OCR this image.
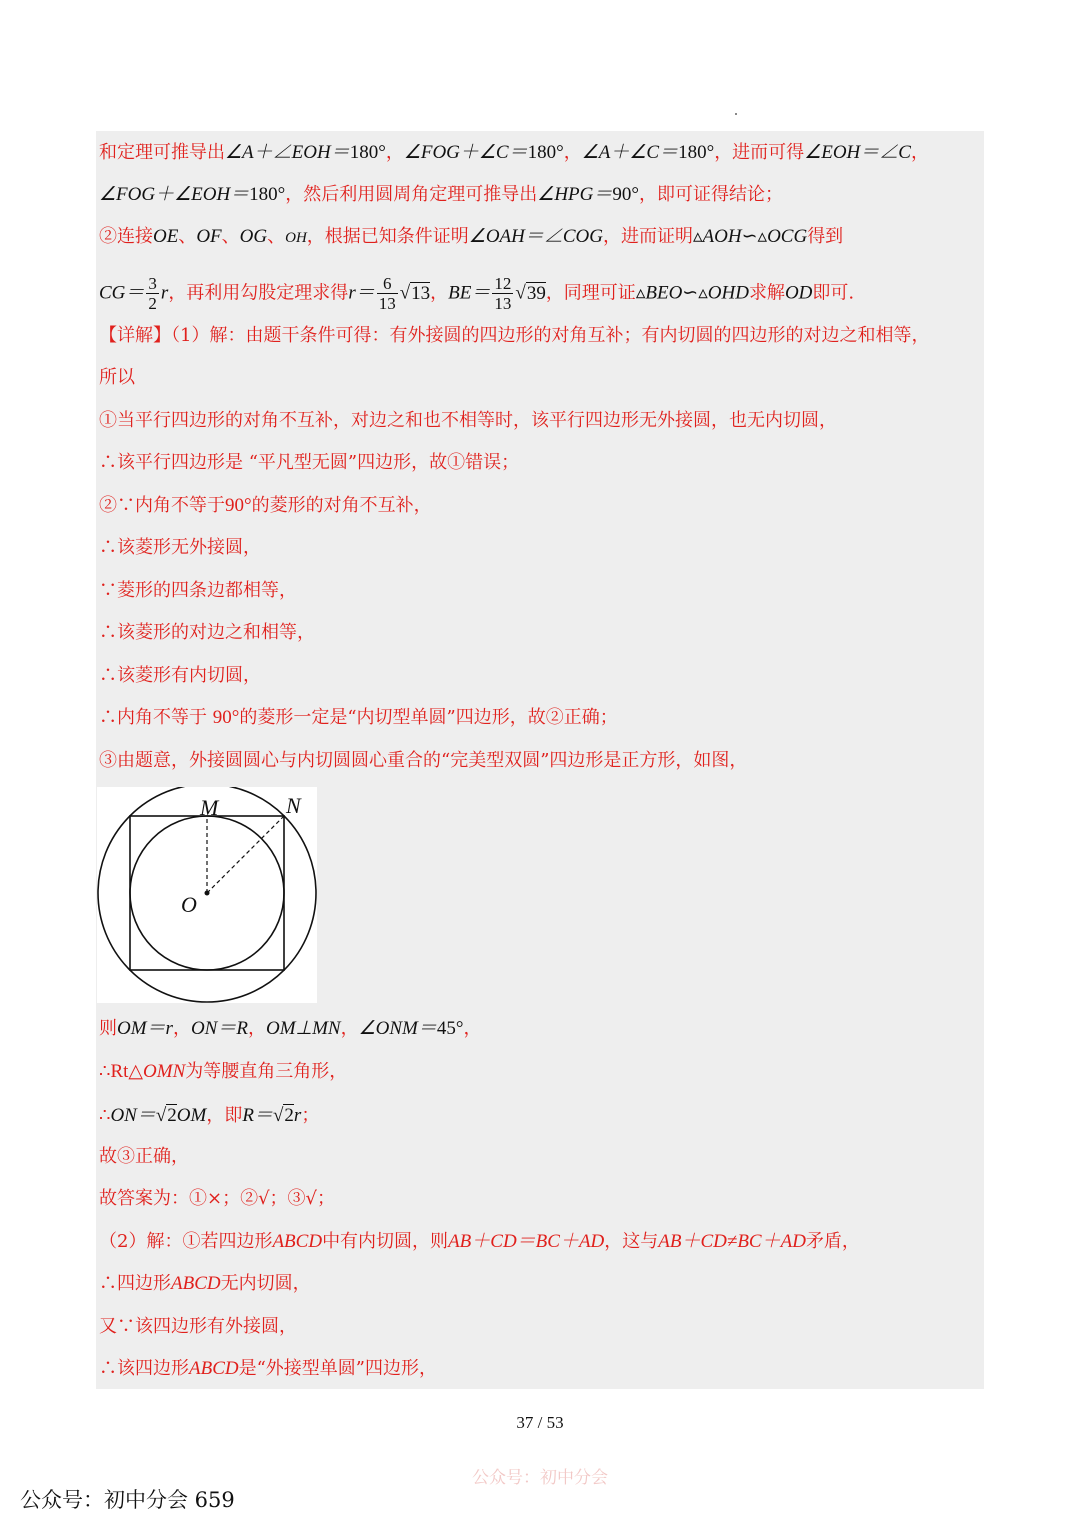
和定理可推导出∠A＋∠EOH＝180°，∠FOG＋∠C＝180°，∠A＋∠C＝180°，进而可得∠EOH＝∠C，
∠FOG＋∠EOH＝180°，然后利用圆周角定理可推导出∠HPG＝90°，即可证得结论；
②连接OE、OF、OG、OH，根据已知条件证明∠OAH＝∠COG，进而证明▵AOH∽▵OCG得到
$CG= \frac{3}{2}$ r，再利用勾股定理求得$r= \frac{6}{13} √13$，$BE= \frac{12}{13} √39$，同理可证▵BEO∽▵OHD求解OD即可.
【详解】（1）解：由题干条件可得：有外接圆的四边形的对角互补；有内切圆的四边形的对边之和相等，
所以
①当平行四边形的对角不互补，对边之和也不相等时，该平行四边形无外接圆，也无内切圆，
∴该平行四边形是 “平凡型无圆”四边形，故①错误；
②∵内角不等于90°的菱形的对角不互补，
∴该菱形无外接圆，
∵菱形的四条边都相等，
∴该菱形的对边之和相等，
∴该菱形有内切圆，
∴内角不等于 90°的菱形一定是“内切型单圆”四边形，故②正确；
③由题意，外接圆圆心与内切圆圆心重合的“完美型双圆”四边形是正方形，如图，
则OM＝r，ON＝R，OM⊥MN，∠ONM＝45°，
∴Rt△OMN为等腰直角三角形，
∴ON＝√2OM，即R＝√2r；
故③正确，
故答案为：①×；②√；③√；
（2）解：①若四边形ABCD中有内切圆，则AB＋CD＝BC＋AD，这与AB＋CD≠BC＋AD矛盾，
∴四边形ABCD无内切圆，
又∵该四边形有外接圆，
∴该四边形ABCD是“外接型单圆”四边形，
M	N
O
37 / 53
公众号：初中分会
公众号：初中分会 659
